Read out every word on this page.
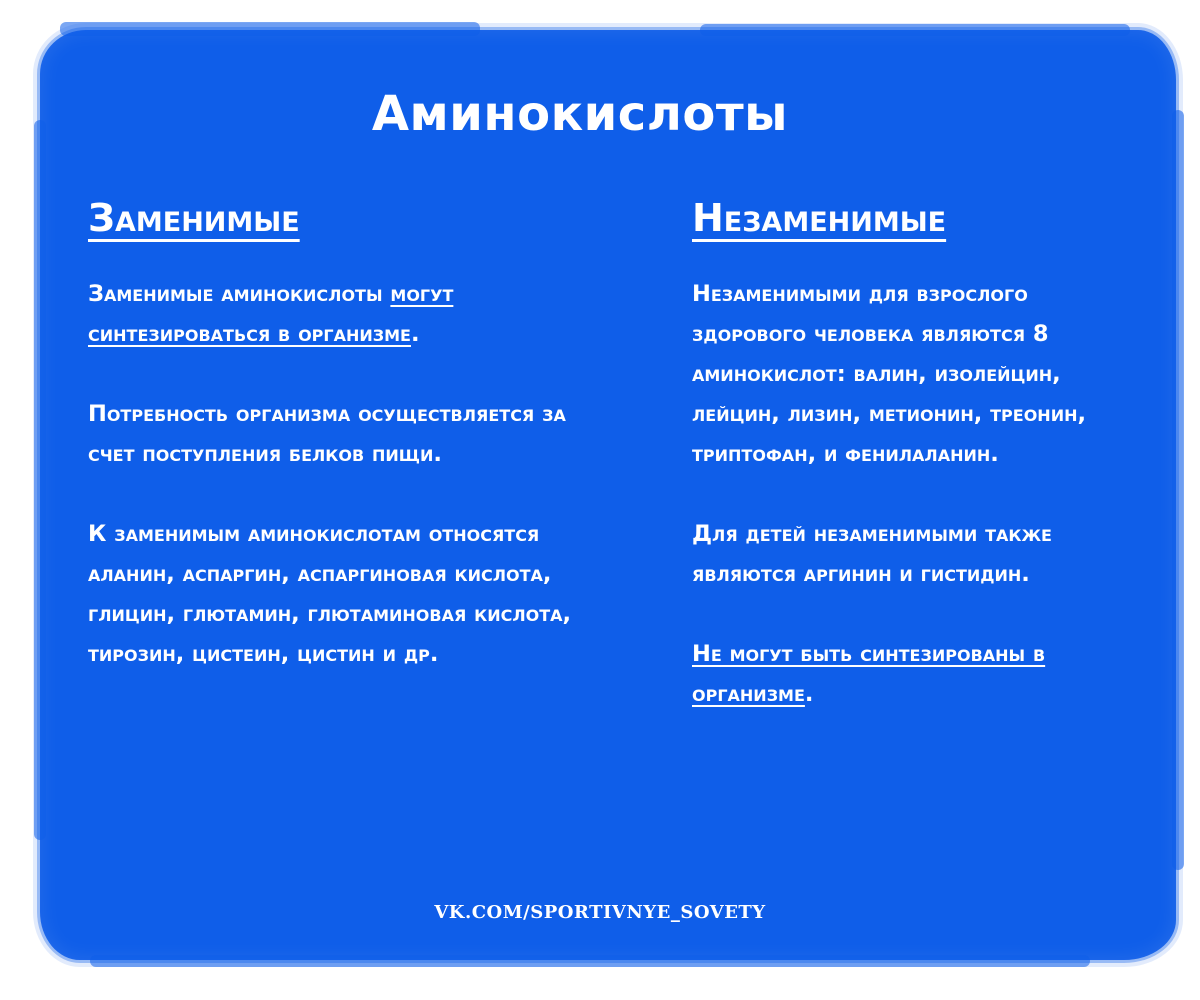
Аминокислоты
Заменимые
Заменимые аминокислоты могут синтезироваться в организме.
Потребность организма осуществляется за счет поступления белков пищи.
К заменимым аминокислотам относятся аланин, аспаргин, аспаргиновая кислота, глицин, глютамин, глютаминовая кислота, тирозин, цистеин, цистин и др.
Незаменимые
Незаменимыми для взрослого здорового человека являются 8 аминокислот: валин, изолейцин, лейцин, лизин, метионин, треонин, триптофан, и фенилаланин.
Для детей незаменимыми также являются аргинин и гистидин.
Не могут быть синтезированы в организме.
VK.COM/SPORTIVNYE_SOVETY
